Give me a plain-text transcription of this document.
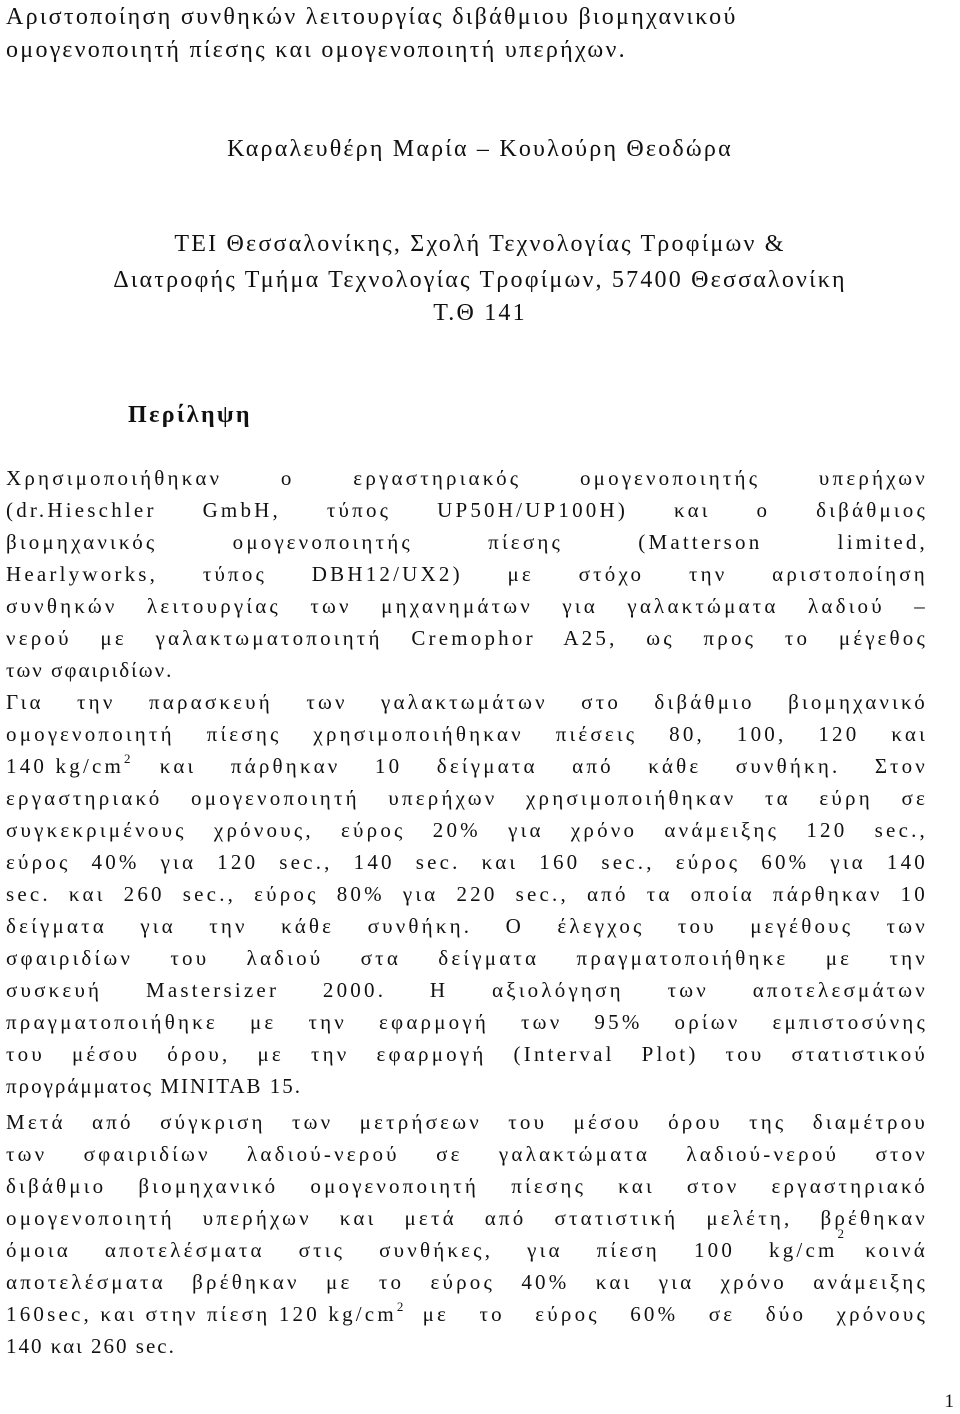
Αριστοποίηση συνθηκών λειτουργίας διβάθμιου βιομηχανικού
ομογενοποιητή πίεσης και ομογενοποιητή υπερήχων.
Καραλευθέρη Μαρία – Κουλούρη Θεοδώρα
ΤΕΙ Θεσσαλονίκης, Σχολή Τεχνολογίας Τροφίμων &
Διατροφής Τμήμα Τεχνολογίας Τροφίμων, 57400 Θεσσαλονίκη
Τ.Θ 141
Περίληψη
Χρησιμοποιήθηκαν ο εργαστηριακός ομογενοποιητής υπερήχων
(dr.Hieschler GmbH, τύπος UP50H/UP100H) και ο διβάθμιος
βιομηχανικός ομογενοποιητής πίεσης (Matterson limited,
Hearlyworks, τύπος DBH12/UX2) με στόχο την αριστοποίηση
συνθηκών λειτουργίας των μηχανημάτων για γαλακτώματα λαδιού –
νερού με γαλακτωματοποιητή Cremophor A25, ως προς το μέγεθος
των σφαιριδίων.
Για την παρασκευή των γαλακτωμάτων στο διβάθμιο βιομηχανικό
ομογενοποιητή πίεσης χρησιμοποιήθηκαν πιέσεις 80, 100, 120 και
140 $kg/cm^2$ και πάρθηκαν 10 δείγματα από κάθε συνθήκη. Στον
εργαστηριακό ομογενοποιητή υπερήχων χρησιμοποιήθηκαν τα εύρη σε
συγκεκριμένους χρόνους, εύρος 20% για χρόνο ανάμειξης 120 sec.,
εύρος 40% για 120 sec., 140 sec. και 160 sec., εύρος 60% για 140
sec. και 260 sec., εύρος 80% για 220 sec., από τα οποία πάρθηκαν 10
δείγματα για την κάθε συνθήκη. Ο έλεγχος του μεγέθους των
σφαιριδίων του λαδιού στα δείγματα πραγματοποιήθηκε με την
συσκευή Mastersizer 2000. Η αξιολόγηση των αποτελεσμάτων
πραγματοποιήθηκε με την εφαρμογή των 95% ορίων εμπιστοσύνης
του μέσου όρου, με την εφαρμογή (Interval Plot) του στατιστικού
προγράμματος MINITAB 15.
Μετά από σύγκριση των μετρήσεων του μέσου όρου της διαμέτρου
των σφαιριδίων λαδιού-νερού σε γαλακτώματα λαδιού-νερού στον
διβάθμιο βιομηχανικό ομογενοποιητή πίεσης και στον εργαστηριακό
ομογενοποιητή υπερήχων και μετά από στατιστική μελέτη, βρέθηκαν
όμοια αποτελέσματα στις συνθήκες, για πίεση 100 kg/cm
$^2$
κοινά
αποτελέσματα βρέθηκαν με το εύρος 40% και για χρόνο ανάμειξης
160sec, και στην πίεση 120 $kg/cm^2$ με το εύρος 60% σε δύο χρόνους
140 και 260 sec.
1
